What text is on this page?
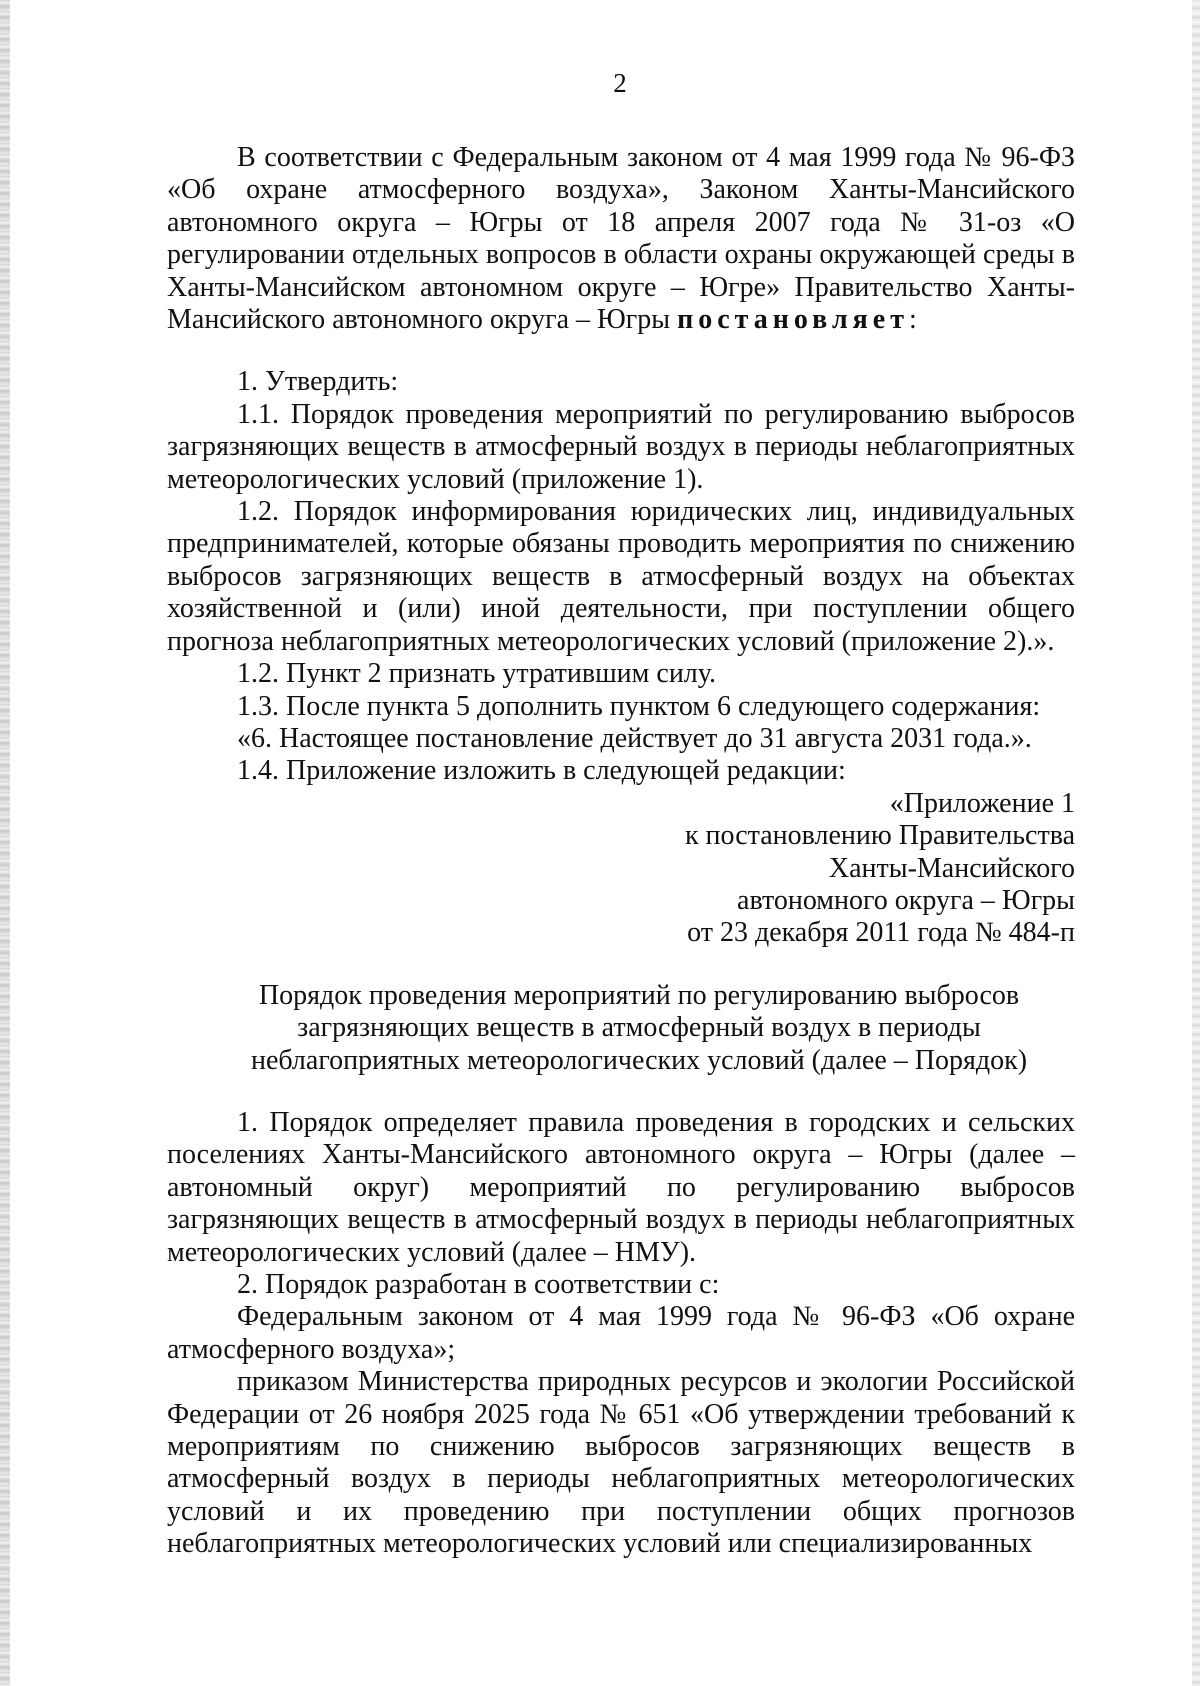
2

В соответствии с Федеральным законом от 4 мая 1999 года № 96-ФЗ «Об охране атмосферного воздуха», Законом Ханты-Мансийского автономного округа – Югры от 18 апреля 2007 года № 31-оз «О регулировании отдельных вопросов в области охраны окружающей среды в Ханты-Мансийском автономном округе – Югре» Правительство Ханты-Мансийского автономного округа – Югры постановляет:

1. Утвердить:

1.1. Порядок проведения мероприятий по регулированию выбросов загрязняющих веществ в атмосферный воздух в периоды неблагоприятных метеорологических условий (приложение 1).

1.2. Порядок информирования юридических лиц, индивидуальных предпринимателей, которые обязаны проводить мероприятия по снижению выбросов загрязняющих веществ в атмосферный воздух на объектах хозяйственной и (или) иной деятельности, при поступлении общего прогноза неблагоприятных метеорологических условий (приложение 2).».

1.2. Пункт 2 признать утратившим силу.

1.3. После пункта 5 дополнить пунктом 6 следующего содержания:

«6. Настоящее постановление действует до 31 августа 2031 года.».

1.4. Приложение изложить в следующей редакции:

«Приложение 1
к постановлению Правительства
Ханты-Мансийского
автономного округа – Югры
от 23 декабря 2011 года № 484-п
Порядок проведения мероприятий по регулированию выбросов
загрязняющих веществ в атмосферный воздух в периоды
неблагоприятных метеорологических условий (далее – Порядок)

1. Порядок определяет правила проведения в городских и сельских поселениях Ханты-Мансийского автономного округа – Югры (далее – автономный округ) мероприятий по регулированию выбросов загрязняющих веществ в атмосферный воздух в периоды неблагоприятных метеорологических условий (далее – НМУ).

2. Порядок разработан в соответствии с:

Федеральным законом от 4 мая 1999 года № 96-ФЗ «Об охране атмосферного воздуха»;

приказом Министерства природных ресурсов и экологии Российской Федерации от 26 ноября 2025 года № 651 «Об утверждении требований к мероприятиям по снижению выбросов загрязняющих веществ в атмосферный воздух в периоды неблагоприятных метеорологических условий и их проведению при поступлении общих прогнозов неблагоприятных метеорологических условий или специализированных
